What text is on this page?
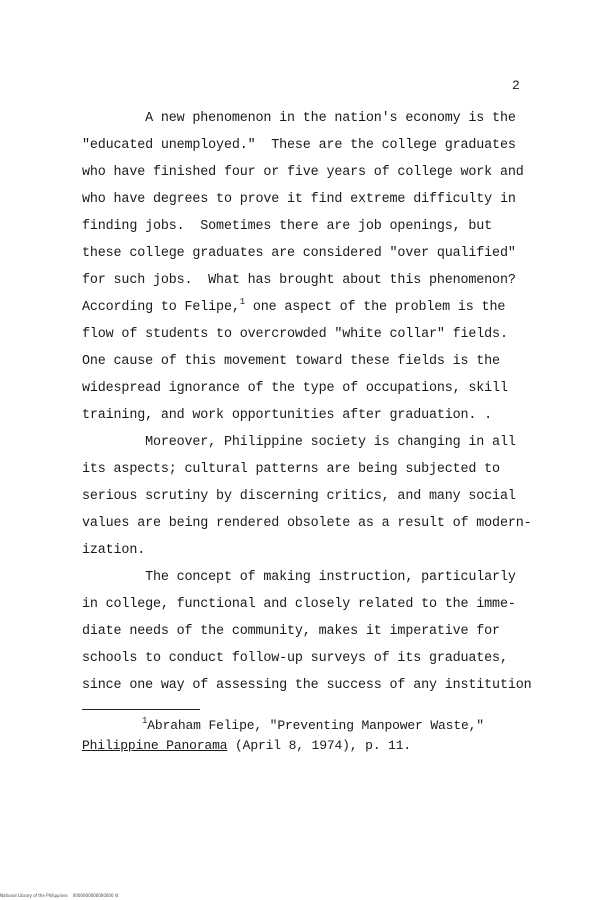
2
A new phenomenon in the nation's economy is the
"educated unemployed."  These are the college graduates
who have finished four or five years of college work and
who have degrees to prove it find extreme difficulty in
finding jobs.  Sometimes there are job openings, but
these college graduates are considered "over qualified"
for such jobs.  What has brought about this phenomenon?
According to Felipe,$^1$ one aspect of the problem is the
flow of students to overcrowded "white collar" fields.
One cause of this movement toward these fields is the
widespread ignorance of the type of occupations, skill
training, and work opportunities after graduation. .
Moreover, Philippine society is changing in all
its aspects; cultural patterns are being subjected to
serious scrutiny by discerning critics, and many social
values are being rendered obsolete as a result of modern-
ization.
The concept of making instruction, particularly
in college, functional and closely related to the imme-
diate needs of the community, makes it imperative for
schools to conduct follow-up surveys of its graduates,
since one way of assessing the success of any institution
$^1$Abraham Felipe, "Preventing Manpower Waste,"
Philippine Panorama (April 8, 1974), p. 11.
National Library of the Philippines    0000000000000000 lit
